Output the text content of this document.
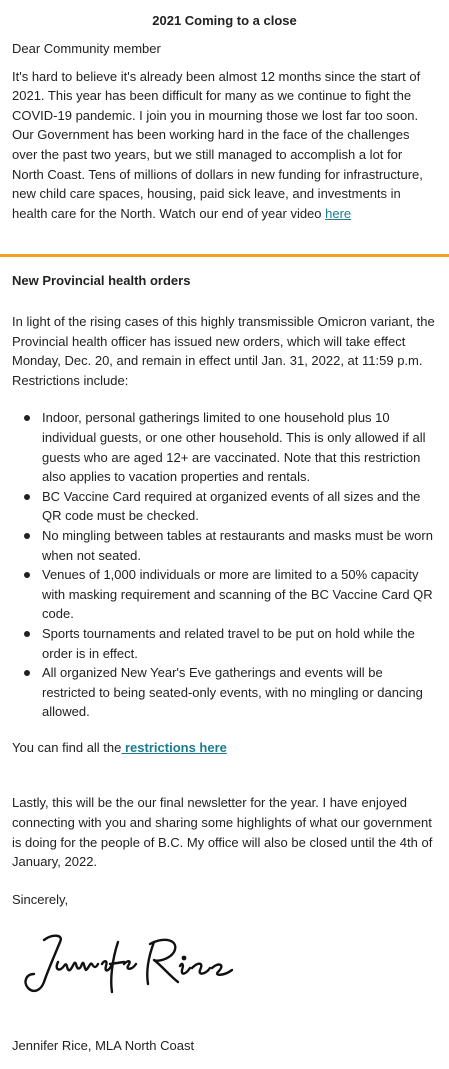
2021 Coming to a close

Dear Community member

It's hard to believe it's already been almost 12 months since the start of 2021. This year has been difficult for many as we continue to fight the COVID-19 pandemic. I join you in mourning those we lost far too soon. Our Government has been working hard in the face of the challenges over the past two years, but we still managed to accomplish a lot for North Coast. Tens of millions of dollars in new funding for infrastructure, new child care spaces, housing, paid sick leave, and investments in health care for the North. Watch our end of year video here

New Provincial health orders

In light of the rising cases of this highly transmissible Omicron variant, the Provincial health officer has issued new orders, which will take effect Monday, Dec. 20, and remain in effect until Jan. 31, 2022, at 11:59 p.m. Restrictions include:

Indoor, personal gatherings limited to one household plus 10 individual guests, or one other household. This is only allowed if all guests who are aged 12+ are vaccinated. Note that this restriction also applies to vacation properties and rentals.
BC Vaccine Card required at organized events of all sizes and the QR code must be checked.
No mingling between tables at restaurants and masks must be worn when not seated.
Venues of 1,000 individuals or more are limited to a 50% capacity with masking requirement and scanning of the BC Vaccine Card QR code.
Sports tournaments and related travel to be put on hold while the order is in effect.
All organized New Year's Eve gatherings and events will be restricted to being seated-only events, with no mingling or dancing allowed.

You can find all the restrictions here

Lastly, this will be the our final newsletter for the year. I have enjoyed connecting with you and sharing some highlights of what our government is doing for the people of B.C. My office will also be closed until the 4th of January, 2022.

Sincerely,

Jennifer Rice, MLA North Coast
